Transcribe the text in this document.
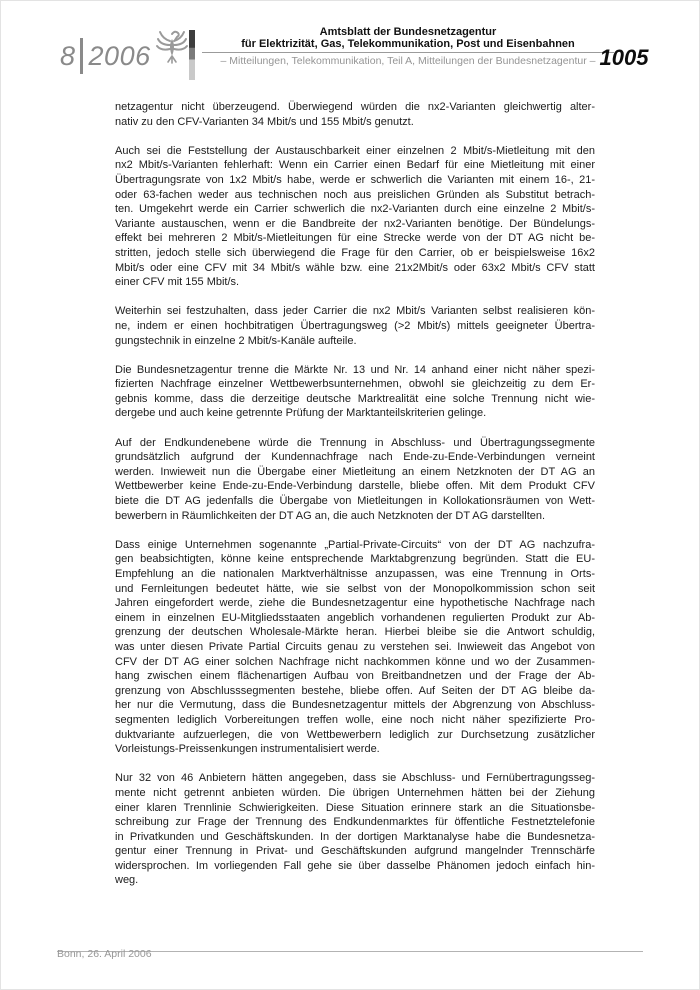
8 2006
Amtsblatt der Bundesnetzagentur
für Elektrizität, Gas, Telekommunikation, Post und Eisenbahnen
– Mitteilungen, Telekommunikation, Teil A, Mitteilungen der Bundesnetzagentur – 1005
netzagentur nicht überzeugend. Überwiegend würden die nx2-Varianten gleichwertig alter-
nativ zu den CFV-Varianten 34 Mbit/s und 155 Mbit/s genutzt.
Auch sei die Feststellung der Austauschbarkeit einer einzelnen 2 Mbit/s-Mietleitung mit den
nx2 Mbit/s-Varianten fehlerhaft: Wenn ein Carrier einen Bedarf für eine Mietleitung mit einer
Übertragungsrate von 1x2 Mbit/s habe, werde er schwerlich die Varianten mit einem 16-, 21-
oder 63-fachen weder aus technischen noch aus preislichen Gründen als Substitut betrach-
ten. Umgekehrt werde ein Carrier schwerlich die nx2-Varianten durch eine einzelne 2 Mbit/s-
Variante austauschen, wenn er die Bandbreite der nx2-Varianten benötige. Der Bündelungs-
effekt bei mehreren 2 Mbit/s-Mietleitungen für eine Strecke werde von der DT AG nicht be-
stritten, jedoch stelle sich überwiegend die Frage für den Carrier, ob er beispielsweise 16x2
Mbit/s oder eine CFV mit 34 Mbit/s wähle bzw. eine 21x2Mbit/s oder 63x2 Mbit/s CFV statt
einer CFV mit 155 Mbit/s.
Weiterhin sei festzuhalten, dass jeder Carrier die nx2 Mbit/s Varianten selbst realisieren kön-
ne, indem er einen hochbitratigen Übertragungsweg (>2 Mbit/s) mittels geeigneter Übertra-
gungstechnik in einzelne 2 Mbit/s-Kanäle aufteile.
Die Bundesnetzagentur trenne die Märkte Nr. 13 und Nr. 14 anhand einer nicht näher spezi-
fizierten Nachfrage einzelner Wettbewerbsunternehmen, obwohl sie gleichzeitig zu dem Er-
gebnis komme, dass die derzeitige deutsche Marktrealität eine solche Trennung nicht wie-
dergebe und auch keine getrennte Prüfung der Marktanteilskriterien gelinge.
Auf der Endkundenebene würde die Trennung in Abschluss- und Übertragungssegmente
grundsätzlich aufgrund der Kundennachfrage nach Ende-zu-Ende-Verbindungen verneint
werden. Inwieweit nun die Übergabe einer Mietleitung an einem Netzknoten der DT AG an
Wettbewerber keine Ende-zu-Ende-Verbindung darstelle, bliebe offen. Mit dem Produkt CFV
biete die DT AG jedenfalls die Übergabe von Mietleitungen in Kollokationsräumen von Wett-
bewerbern in Räumlichkeiten der DT AG an, die auch Netzknoten der DT AG darstellten.
Dass einige Unternehmen sogenannte „Partial-Private-Circuits“ von der DT AG nachzufra-
gen beabsichtigten, könne keine entsprechende Marktabgrenzung begründen. Statt die EU-
Empfehlung an die nationalen Marktverhältnisse anzupassen, was eine Trennung in Orts-
und Fernleitungen bedeutet hätte, wie sie selbst von der Monopolkommission schon seit
Jahren eingefordert werde, ziehe die Bundesnetzagentur eine hypothetische Nachfrage nach
einem in einzelnen EU-Mitgliedsstaaten angeblich vorhandenen regulierten Produkt zur Ab-
grenzung der deutschen Wholesale-Märkte heran. Hierbei bleibe sie die Antwort schuldig,
was unter diesen Private Partial Circuits genau zu verstehen sei. Inwieweit das Angebot von
CFV der DT AG einer solchen Nachfrage nicht nachkommen könne und wo der Zusammen-
hang zwischen einem flächenartigen Aufbau von Breitbandnetzen und der Frage der Ab-
grenzung von Abschlusssegmenten bestehe, bliebe offen. Auf Seiten der DT AG bleibe da-
her nur die Vermutung, dass die Bundesnetzagentur mittels der Abgrenzung von Abschluss-
segmenten lediglich Vorbereitungen treffen wolle, eine noch nicht näher spezifizierte Pro-
duktvariante aufzuerlegen, die von Wettbewerbern lediglich zur Durchsetzung zusätzlicher
Vorleistungs-Preissenkungen instrumentalisiert werde.
Nur 32 von 46 Anbietern hätten angegeben, dass sie Abschluss- und Fernübertragungsseg-
mente nicht getrennt anbieten würden. Die übrigen Unternehmen hätten bei der Ziehung
einer klaren Trennlinie Schwierigkeiten. Diese Situation erinnere stark an die Situationsbe-
schreibung zur Frage der Trennung des Endkundenmarktes für öffentliche Festnetztelefonie
in Privatkunden und Geschäftskunden. In der dortigen Marktanalyse habe die Bundesnetza-
gentur einer Trennung in Privat- und Geschäftskunden aufgrund mangelnder Trennschärfe
widersprochen. Im vorliegenden Fall gehe sie über dasselbe Phänomen jedoch einfach hin-
weg.
Bonn, 26. April 2006
